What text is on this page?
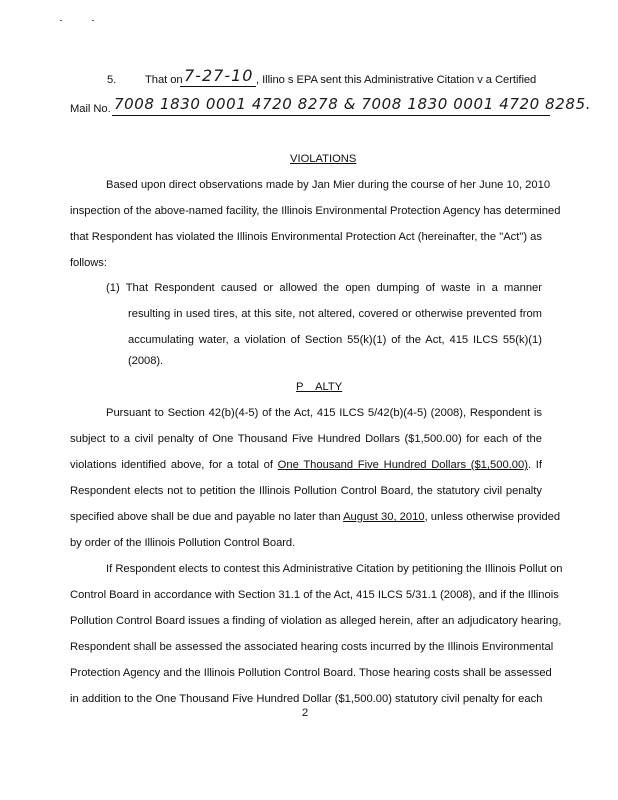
5.	That on 7-27-10 , Illino s EPA sent this Administrative Citation v a Certified
Mail No. 7008 1830 0001 4720 8278 & 7008 1830 0001 4720 8285.
VIOLATIONS
Based upon direct observations made by Jan Mier during the course of her June 10, 2010
inspection of the above-named facility, the Illinois Environmental Protection Agency has determined
that Respondent has violated the Illinois Environmental Protection Act (hereinafter, the "Act") as
follows:
(1) That Respondent caused or allowed the open dumping of waste in a manner
resulting in used tires, at this site, not altered, covered or otherwise prevented from
accumulating water, a violation of Section 55(k)(1) of the Act, 415 ILCS 55(k)(1)
(2008).
P    ALTY
Pursuant to Section 42(b)(4-5) of the Act, 415 ILCS 5/42(b)(4-5) (2008), Respondent is
subject to a civil penalty of One Thousand Five Hundred Dollars ($1,500.00) for each of the
violations identified above, for a total of One Thousand Five Hundred Dollars ($1,500.00). If
Respondent elects not to petition the Illinois Pollution Control Board, the statutory civil penalty
specified above shall be due and payable no later than August 30, 2010, unless otherwise provided
by order of the Illinois Pollution Control Board.
If Respondent elects to contest this Administrative Citation by petitioning the Illinois Pollut on
Control Board in accordance with Section 31.1 of the Act, 415 ILCS 5/31.1 (2008), and if the Illinois
Pollution Control Board issues a finding of violation as alleged herein, after an adjudicatory hearing,
Respondent shall be assessed the associated hearing costs incurred by the Illinois Environmental
Protection Agency and the Illinois Pollution Control Board. Those hearing costs shall be assessed
in addition to the One Thousand Five Hundred Dollar ($1,500.00) statutory civil penalty for each
2
